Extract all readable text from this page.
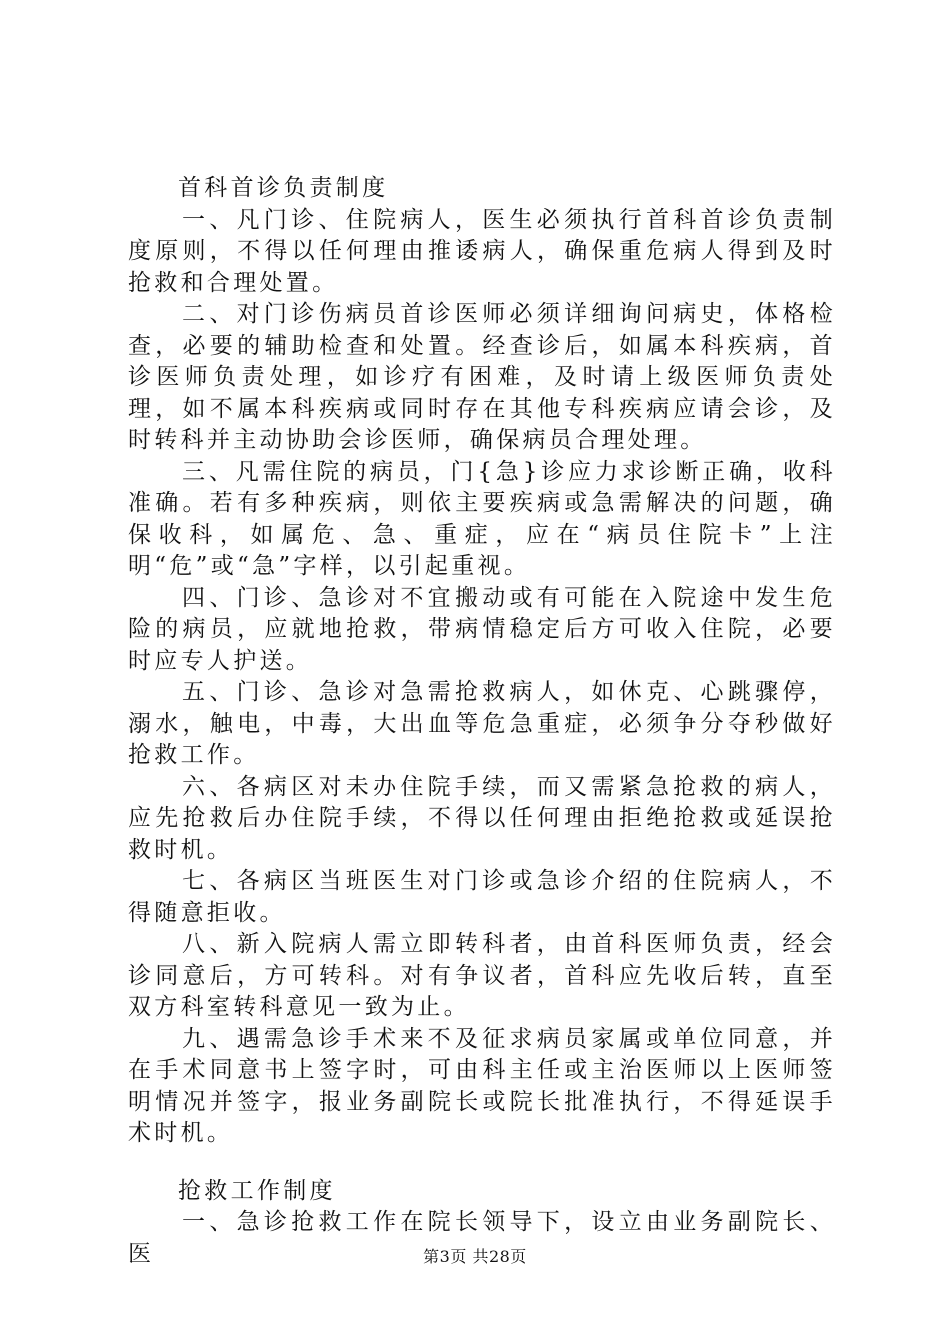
首科首诊负责制度

一、凡门诊、住院病人，医生必须执行首科首诊负责制度原则，不得以任何理由推诿病人，确保重危病人得到及时抢救和合理处置。

二、对门诊伤病员首诊医师必须详细询问病史，体格检查，必要的辅助检查和处置。经查诊后，如属本科疾病，首诊医师负责处理，如诊疗有困难，及时请上级医师负责处理，如不属本科疾病或同时存在其他专科疾病应请会诊，及时转科并主动协助会诊医师，确保病员合理处理。

三、凡需住院的病员，门{急}诊应力求诊断正确，收科准确。若有多种疾病，则依主要疾病或急需解决的问题，确保收科，如属危、急、重症，应在“病员住院卡”上注明“危”或“急”字样，以引起重视。

四、门诊、急诊对不宜搬动或有可能在入院途中发生危险的病员，应就地抢救，带病情稳定后方可收入住院，必要时应专人护送。

五、门诊、急诊对急需抢救病人，如休克、心跳骤停，溺水，触电，中毒，大出血等危急重症，必须争分夺秒做好抢救工作。

六、各病区对未办住院手续，而又需紧急抢救的病人，应先抢救后办住院手续，不得以任何理由拒绝抢救或延误抢救时机。

七、各病区当班医生对门诊或急诊介绍的住院病人，不得随意拒收。

八、新入院病人需立即转科者，由首科医师负责，经会诊同意后，方可转科。对有争议者，首科应先收后转，直至双方科室转科意见一致为止。

九、遇需急诊手术来不及征求病员家属或单位同意，并在手术同意书上签字时，可由科主任或主治医师以上医师签明情况并签字，报业务副院长或院长批准执行，不得延误手术时机。

抢救工作制度

一、急诊抢救工作在院长领导下，设立由业务副院长、医	第3页 共28页
